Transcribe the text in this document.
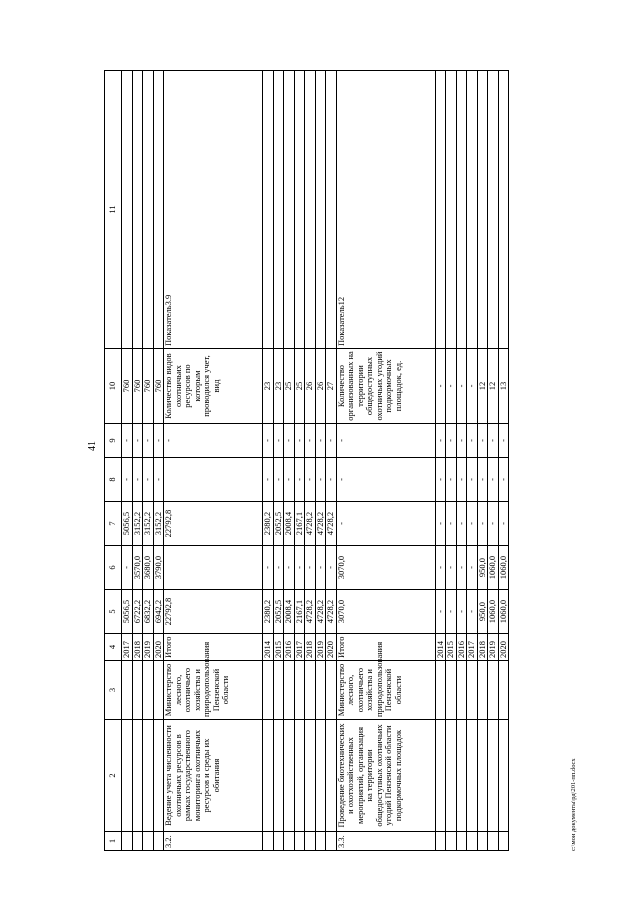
41
1	2	3	4	5	6	7	8	9	10	11
			2017	5056,5	-	5056,5	-	-	760	
			2018	6722,2	3570,0	3152,2	-	-	760	
			2019	6832,2	3680,0	3152,2	-	-	760	
			2020	6942,2	3790,0	3152,2	-	-	760	
3.2.	Ведение учета численности охотничьих ресурсов в рамках государственного мониторинга охотничьих ресурсов и среды их обитания	Министерство лесного, охотничьего хозяйства и природопользования Пензенской области	Итого	22792,8		22792,8		-	Количество видов охотничьих ресурсов по которым проводился учет, вид	Показатель3.9
			2014	2380,2	-	2380,2	-	-	23	
			2015	2052,5	-	2052,5	-	-	23	
			2016	2008,4	-	2008,4	-	-	25	
			2017	2167,1	-	2167,1	-	-	25	
			2018	4728,2	-	4728,2	-	-	26	
			2019	4728,2	-	4728,2	-	-	26	
			2020	4728,2	-	4728,2	-	-	27	
3.3.	Проведение биотехнических и охотхозяйственных мероприятий, организация на территории общедоступных охотничьих угодий Пензенской области подкормочных площадок	Министерство лесного, охотничьего хозяйства и природопользования Пензенской области	Итого	3070,0	3070,0	-	-	-	Количество организованных на территории общедоступных охотничьих угодий подкормочных площадок, ед.	Показатель12
			2014	-	-	-	-	-	-	
			2015	-	-	-	-	-	-	
			2016	-	-	-	-	-	-	
			2017	-	-	-	-	-	-	
			2018	950,0	950,0	-	-	-	12	
			2019	1060,0	1060,0	-	-	-	12	
			2020	1060,0	1060,0	-	-	-	13	
с:\мои документы\рд\201-пп.docx
